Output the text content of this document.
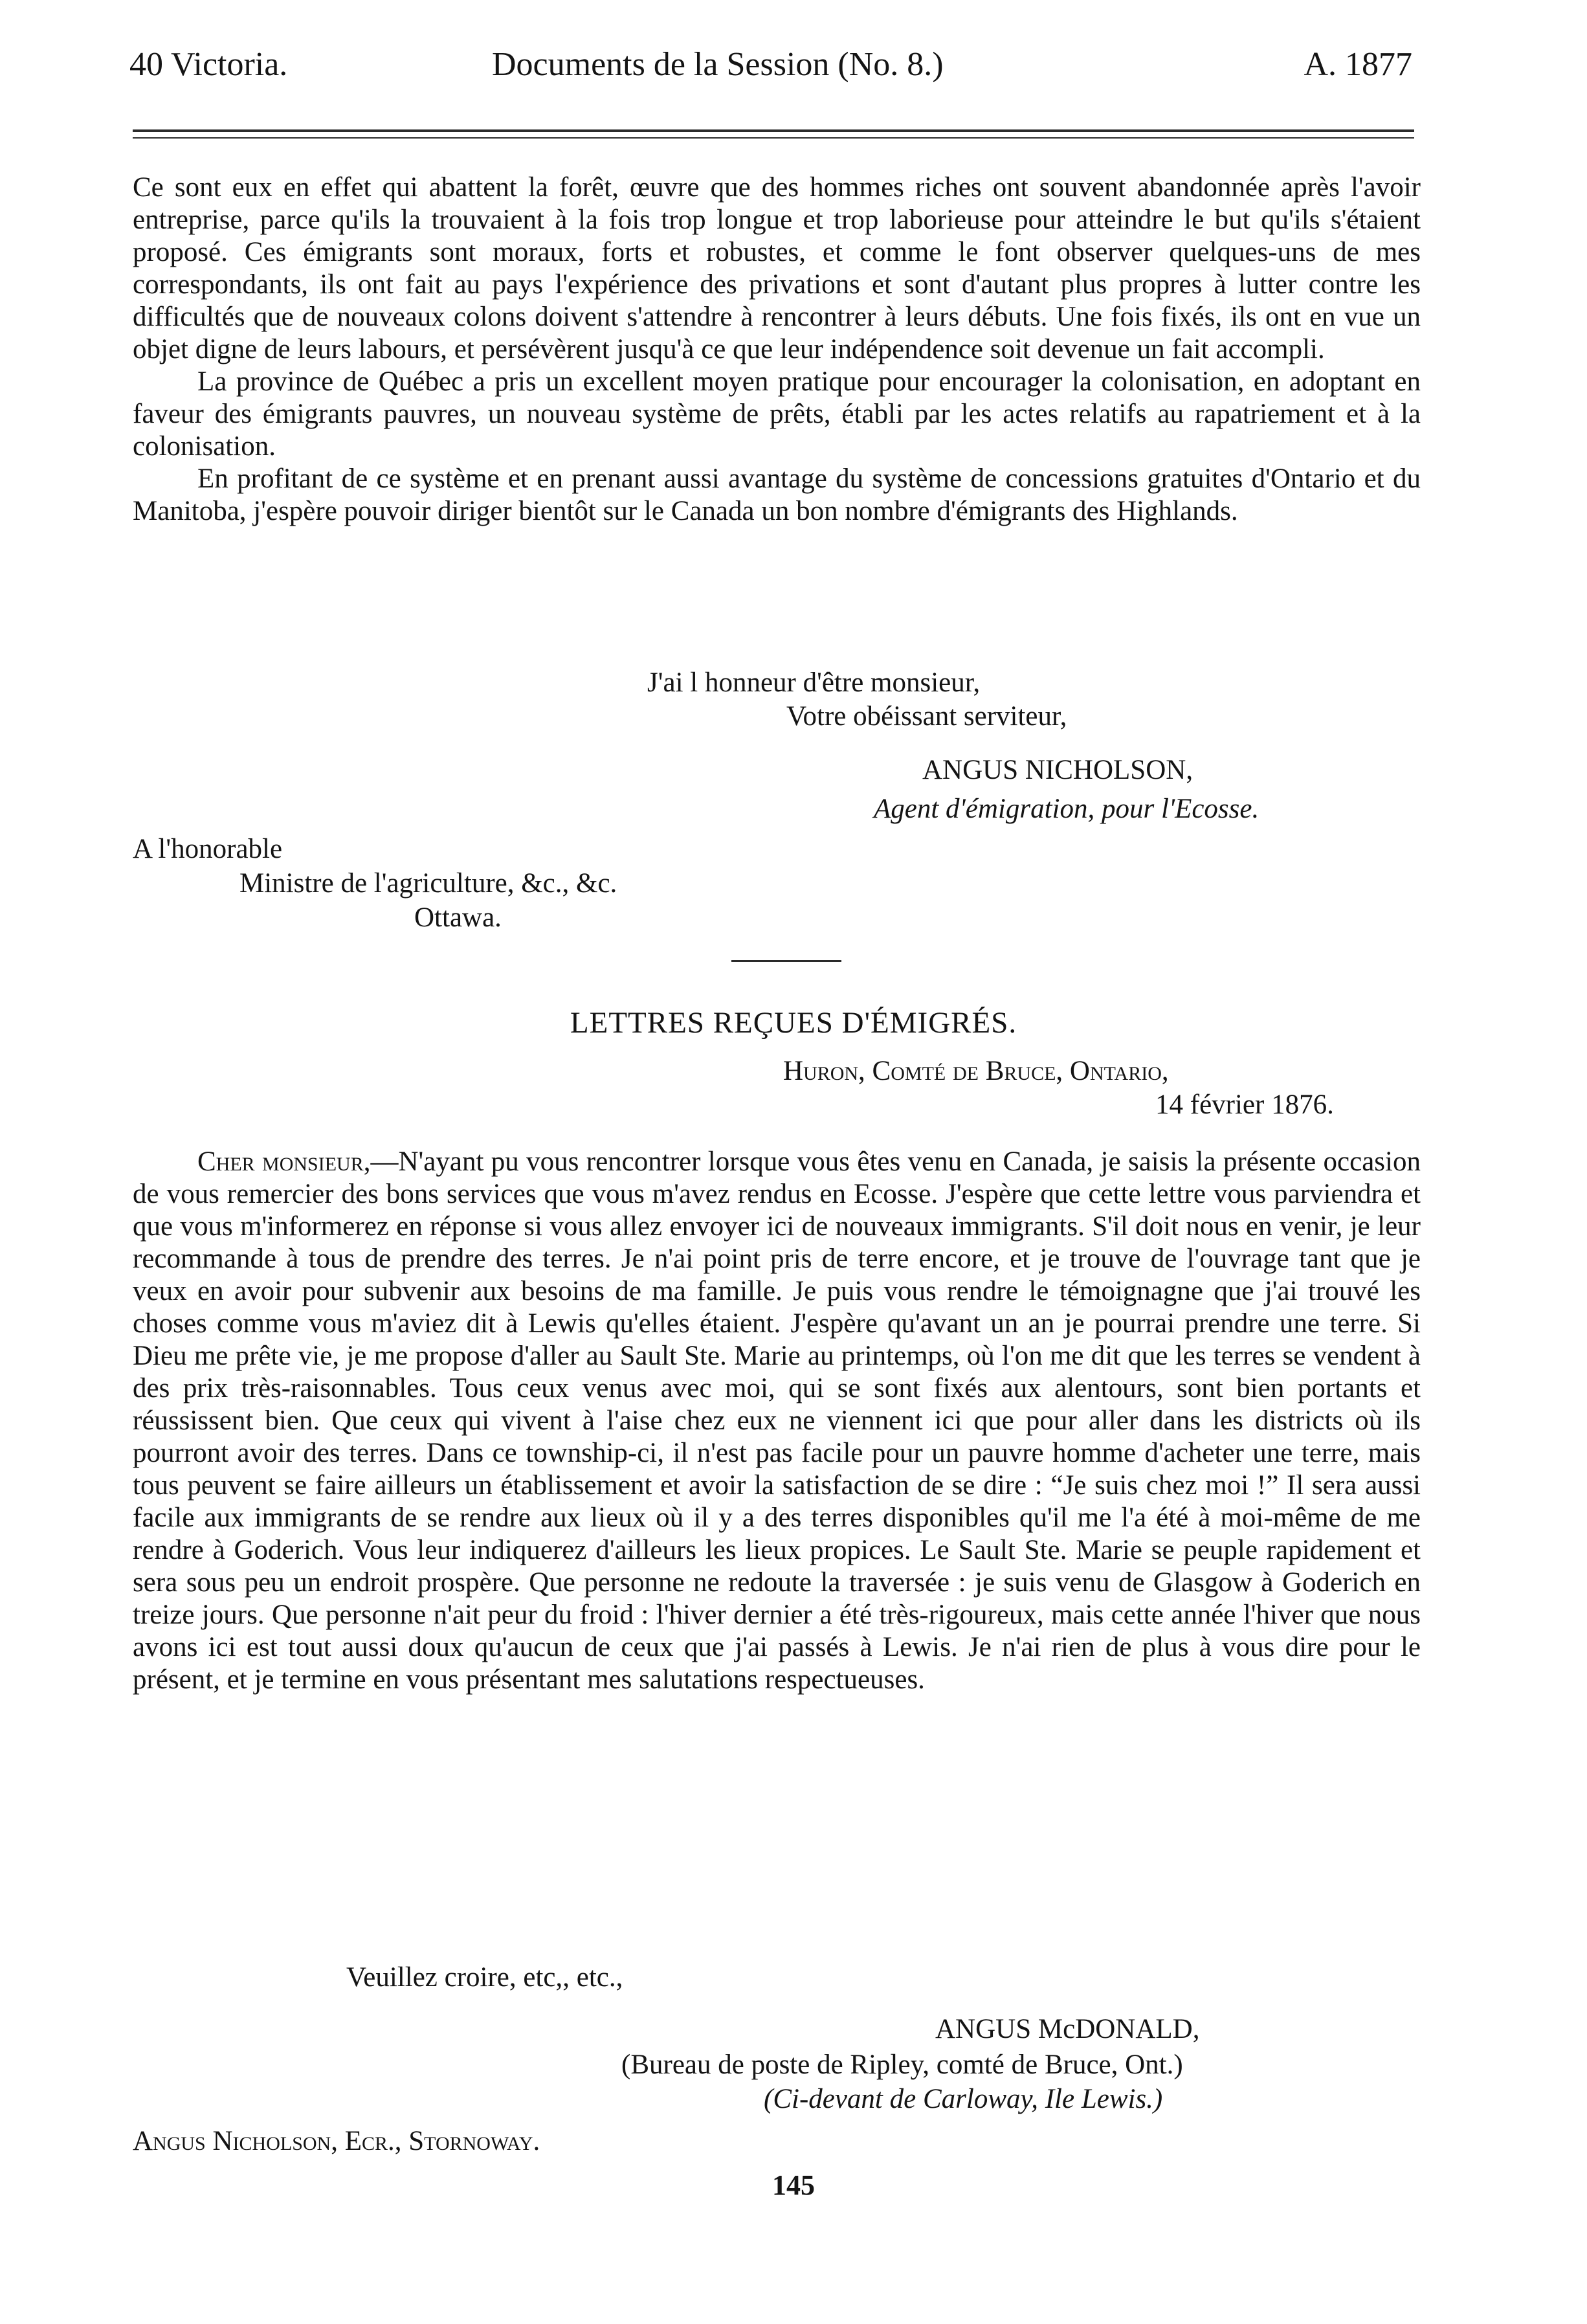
40 Victoria.	Documents de la Session (No. 8.)	A. 1877

Ce sont eux en effet qui abattent la forêt, œuvre que des hommes riches ont souvent abandonnée après l'avoir entreprise, parce qu'ils la trouvaient à la fois trop longue et trop laborieuse pour atteindre le but qu'ils s'étaient proposé. Ces émigrants sont moraux, forts et robustes, et comme le font observer quelques-uns de mes correspondants, ils ont fait au pays l'expérience des privations et sont d'autant plus propres à lutter contre les difficultés que de nouveaux colons doivent s'attendre à rencontrer à leurs débuts. Une fois fixés, ils ont en vue un objet digne de leurs labours, et persévèrent jusqu'à ce que leur indépendence soit devenue un fait accompli.

La province de Québec a pris un excellent moyen pratique pour encourager la colonisation, en adoptant en faveur des émigrants pauvres, un nouveau système de prêts, établi par les actes relatifs au rapatriement et à la colonisation.

En profitant de ce système et en prenant aussi avantage du système de concessions gratuites d'Ontario et du Manitoba, j'espère pouvoir diriger bientôt sur le Canada un bon nombre d'émigrants des Highlands.

J'ai l honneur d'être monsieur,
Votre obéissant serviteur,
ANGUS NICHOLSON,
Agent d'émigration, pour l'Ecosse.
A l'honorable
Ministre de l'agriculture, &c., &c.
Ottawa.
LETTRES REÇUES D'ÉMIGRÉS.
Huron, Comté de Bruce, Ontario,
14 février 1876.

Cher monsieur,—N'ayant pu vous rencontrer lorsque vous êtes venu en Canada, je saisis la présente occasion de vous remercier des bons services que vous m'avez rendus en Ecosse. J'espère que cette lettre vous parviendra et que vous m'informerez en réponse si vous allez envoyer ici de nouveaux immigrants. S'il doit nous en venir, je leur recommande à tous de prendre des terres. Je n'ai point pris de terre encore, et je trouve de l'ouvrage tant que je veux en avoir pour subvenir aux besoins de ma famille. Je puis vous rendre le témoignagne que j'ai trouvé les choses comme vous m'aviez dit à Lewis qu'elles étaient. J'espère qu'avant un an je pourrai prendre une terre. Si Dieu me prête vie, je me propose d'aller au Sault Ste. Marie au printemps, où l'on me dit que les terres se vendent à des prix très-raisonnables. Tous ceux venus avec moi, qui se sont fixés aux alentours, sont bien portants et réussissent bien. Que ceux qui vivent à l'aise chez eux ne viennent ici que pour aller dans les districts où ils pourront avoir des terres. Dans ce township-ci, il n'est pas facile pour un pauvre homme d'acheter une terre, mais tous peuvent se faire ailleurs un établissement et avoir la satisfaction de se dire : “Je suis chez moi !” Il sera aussi facile aux immigrants de se rendre aux lieux où il y a des terres disponibles qu'il me l'a été à moi-même de me rendre à Goderich. Vous leur indiquerez d'ailleurs les lieux propices. Le Sault Ste. Marie se peuple rapidement et sera sous peu un endroit prospère. Que personne ne redoute la traversée : je suis venu de Glasgow à Goderich en treize jours. Que personne n'ait peur du froid : l'hiver dernier a été très-rigoureux, mais cette année l'hiver que nous avons ici est tout aussi doux qu'aucun de ceux que j'ai passés à Lewis. Je n'ai rien de plus à vous dire pour le présent, et je termine en vous présentant mes salutations respectueuses.

Veuillez croire, etc,, etc.,
ANGUS McDONALD,
(Bureau de poste de Ripley, comté de Bruce, Ont.)
(Ci-devant de Carloway, Ile Lewis.)
Angus Nicholson, Ecr., Stornoway.
145
